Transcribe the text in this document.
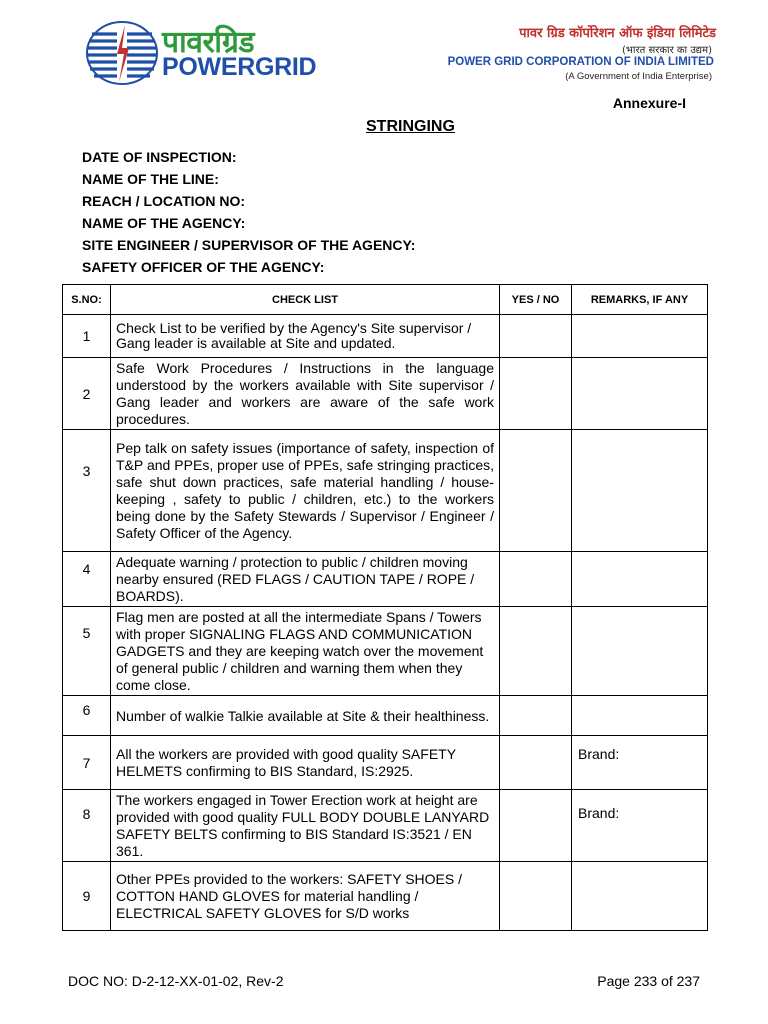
पावरग्रिड
POWERGRID
पावर ग्रिड कॉर्पोरेशन ऑफ इंडिया लिमिटेड
(भारत सरकार का उद्यम)
POWER GRID CORPORATION OF INDIA LIMITED
(A Government of India Enterprise)
Annexure-I
STRINGING
DATE OF INSPECTION:
NAME OF THE LINE:
REACH / LOCATION NO:
NAME OF THE AGENCY:
SITE ENGINEER / SUPERVISOR OF THE AGENCY:
SAFETY OFFICER OF THE AGENCY:
S.NO:	CHECK LIST	YES / NO	REMARKS, IF ANY
1	Check List to be verified by the Agency's Site supervisor / Gang leader is available at Site and updated.		
2	Safe Work Procedures / Instructions in the language understood by the workers available with Site supervisor / Gang leader and workers are aware of the safe work procedures.		
3	Pep talk on safety issues (importance of safety, inspection of T&P and PPEs, proper use of PPEs, safe stringing practices, safe shut down practices, safe material handling / house-keeping , safety to public / children, etc.) to the workers being done by the Safety Stewards / Supervisor / Engineer / Safety Officer of the Agency.		
4	Adequate warning / protection to public / children moving nearby ensured (RED FLAGS / CAUTION TAPE / ROPE / BOARDS).		
5	Flag men are posted at all the intermediate Spans / Towers with proper SIGNALING FLAGS AND COMMUNICATION GADGETS and they are keeping watch over the movement of general public / children and warning them when they come close.		
6	Number of walkie Talkie available at Site & their healthiness.		
7	All the workers are provided with good quality SAFETY HELMETS confirming to BIS Standard, IS:2925.		Brand:
8	The workers engaged in Tower Erection work at height are provided with good quality FULL BODY DOUBLE LANYARD SAFETY BELTS confirming to BIS Standard IS:3521 / EN 361.		Brand:
9	Other PPEs provided to the workers: SAFETY SHOES / COTTON HAND GLOVES for material handling / ELECTRICAL SAFETY GLOVES for S/D works		
DOC NO: D-2-12-XX-01-02, Rev-2	Page 233 of 237
